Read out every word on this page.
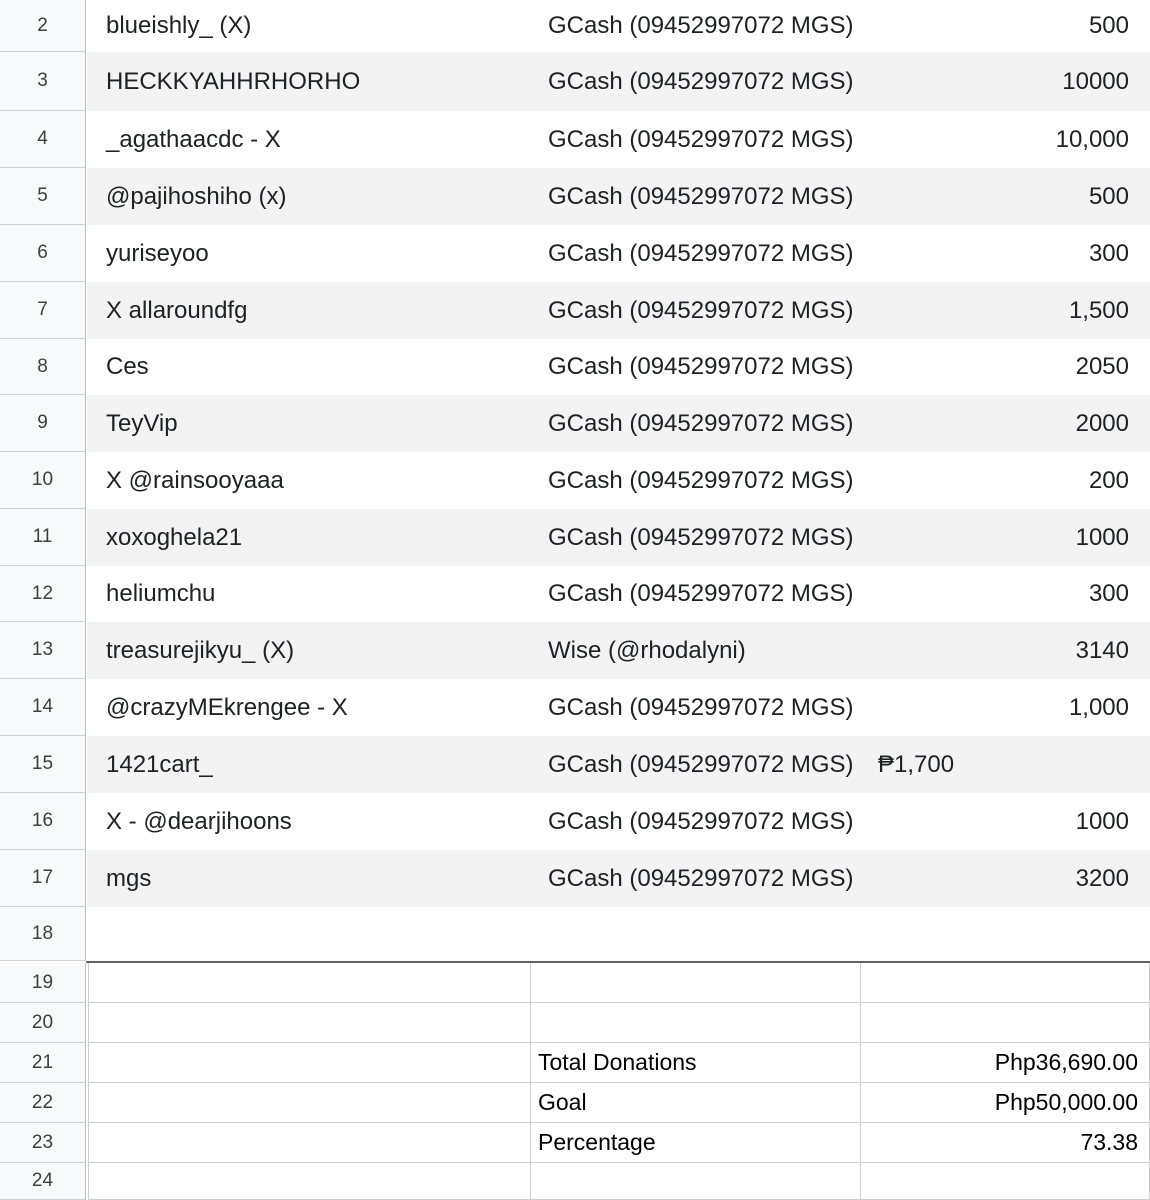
2	blueishly_ (X)	GCash (09452997072 MGS)	500
3	HECKKYAHHRHORHO	GCash (09452997072 MGS)	10000
4	_agathaacdc - X	GCash (09452997072 MGS)	10,000
5	@pajihoshiho (x)	GCash (09452997072 MGS)	500
6	yuriseyoo	GCash (09452997072 MGS)	300
7	X allaroundfg	GCash (09452997072 MGS)	1,500
8	Ces	GCash (09452997072 MGS)	2050
9	TeyVip	GCash (09452997072 MGS)	2000
10	X @rainsooyaaa	GCash (09452997072 MGS)	200
11	xoxoghela21	GCash (09452997072 MGS)	1000
12	heliumchu	GCash (09452997072 MGS)	300
13	treasurejikyu_ (X)	Wise (@rhodalyni)	3140
14	@crazyMEkrengee - X	GCash (09452997072 MGS)	1,000
15	1421cart_	GCash (09452997072 MGS) ₱1,700
16	X - @dearjihoons	GCash (09452997072 MGS)	1000
17	mgs	GCash (09452997072 MGS)	3200
18
19
20
21	Total Donations	Php36,690.00
22	Goal	Php50,000.00
23	Percentage	73.38
24
